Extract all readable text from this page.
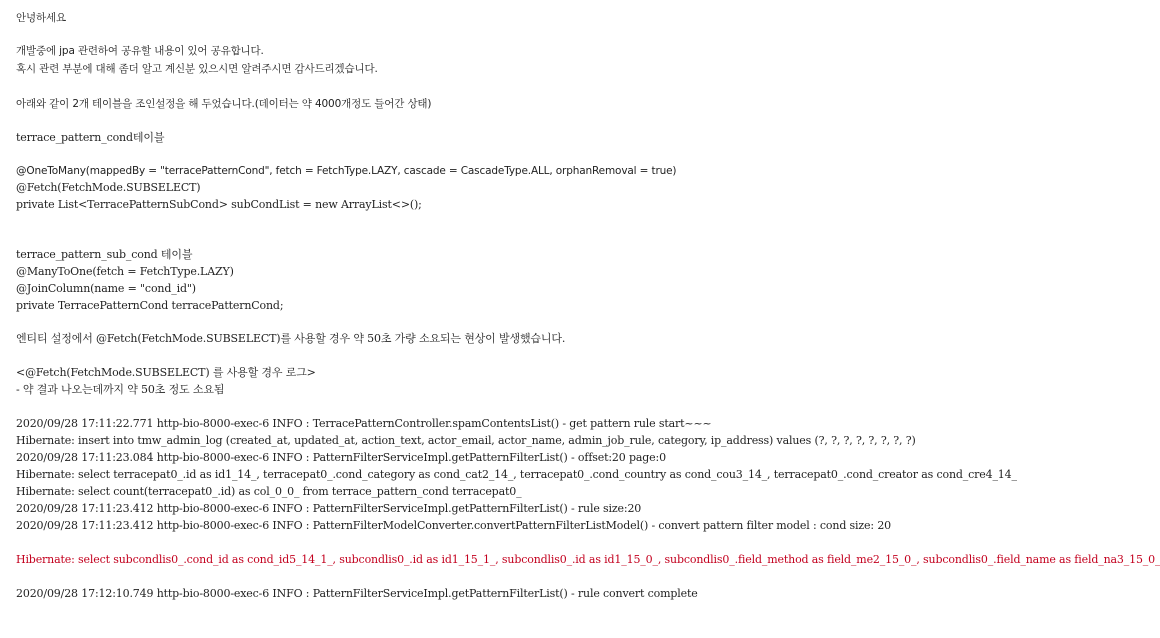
안녕하세요
개발중에 jpa 관련하여 공유할 내용이 있어 공유합니다.
혹시 관련 부분에 대해 좀더 알고 계신분 있으시면 알려주시면 감사드리겠습니다.
아래와 같이 2개 테이블을 조인설정을 해 두었습니다.(데이터는 약 4000개정도 들어간 상태)
terrace_pattern_cond테이블
@OneToMany(mappedBy = "terracePatternCond", fetch = FetchType.LAZY, cascade = CascadeType.ALL, orphanRemoval = true)
@Fetch(FetchMode.SUBSELECT)
private List<TerracePatternSubCond> subCondList = new ArrayList<>();
terrace_pattern_sub_cond 테이블
@ManyToOne(fetch = FetchType.LAZY)
@JoinColumn(name = "cond_id")
private TerracePatternCond terracePatternCond;
엔티티 설정에서 @Fetch(FetchMode.SUBSELECT)를 사용할 경우 약 50초 가량 소요되는 현상이 발생했습니다.
<@Fetch(FetchMode.SUBSELECT) 를 사용할 경우 로그>
- 약 결과 나오는데까지 약 50초 정도 소요됨
2020/09/28 17:11:22.771 http-bio-8000-exec-6 INFO : TerracePatternController.spamContentsList() - get pattern rule start~~~
Hibernate: insert into tmw_admin_log (created_at, updated_at, action_text, actor_email, actor_name, admin_job_rule, category, ip_address) values (?, ?, ?, ?, ?, ?, ?, ?)
2020/09/28 17:11:23.084 http-bio-8000-exec-6 INFO : PatternFilterServiceImpl.getPatternFilterList() - offset:20 page:0
Hibernate: select terracepat0_.id as id1_14_, terracepat0_.cond_category as cond_cat2_14_, terracepat0_.cond_country as cond_cou3_14_, terracepat0_.cond_creator as cond_cre4_14_
Hibernate: select count(terracepat0_.id) as col_0_0_ from terrace_pattern_cond terracepat0_
2020/09/28 17:11:23.412 http-bio-8000-exec-6 INFO : PatternFilterServiceImpl.getPatternFilterList() - rule size:20
2020/09/28 17:11:23.412 http-bio-8000-exec-6 INFO : PatternFilterModelConverter.convertPatternFilterListModel() - convert pattern filter model : cond size: 20
Hibernate: select subcondlis0_.cond_id as cond_id5_14_1_, subcondlis0_.id as id1_15_1_, subcondlis0_.id as id1_15_0_, subcondlis0_.field_method as field_me2_15_0_, subcondlis0_.field_name as field_na3_15_0_
2020/09/28 17:12:10.749 http-bio-8000-exec-6 INFO : PatternFilterServiceImpl.getPatternFilterList() - rule convert complete
